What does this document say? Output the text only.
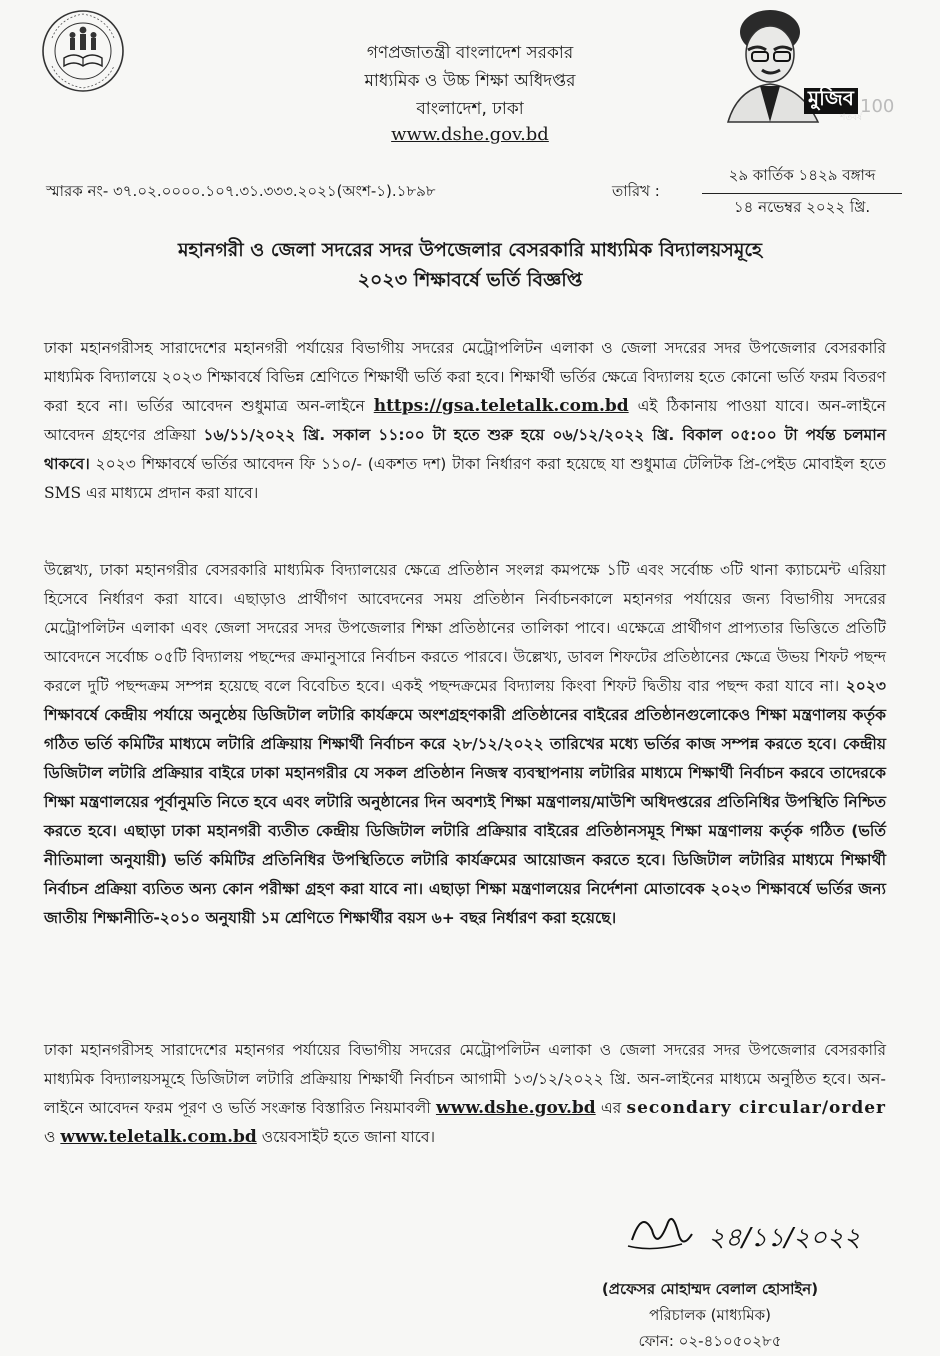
গণপ্রজাতন্ত্রী বাংলাদেশ সরকার
মাধ্যমিক ও উচ্চ শিক্ষা অধিদপ্তর
বাংলাদেশ, ঢাকা
www.dshe.gov.bd
100
মুজিব
শতবর্ষ
স্মারক নং- ৩৭.০২.০০০০.১০৭.৩১.৩৩৩.২০২১(অংশ-১).১৮৯৮	তারিখ :
২৯ কার্তিক ১৪২৯ বঙ্গাব্দ
১৪ নভেম্বর ২০২২ খ্রি.
মহানগরী ও জেলা সদরের সদর উপজেলার বেসরকারি মাধ্যমিক বিদ্যালয়সমূহে
২০২৩ শিক্ষাবর্ষে ভর্তি বিজ্ঞপ্তি
ঢাকা মহানগরীসহ সারাদেশের মহানগরী পর্যায়ের বিভাগীয় সদরের মেট্রোপলিটন এলাকা ও জেলা সদরের সদর উপজেলার বেসরকারি মাধ্যমিক বিদ্যালয়ে ২০২৩ শিক্ষাবর্ষে বিভিন্ন শ্রেণিতে শিক্ষার্থী ভর্তি করা হবে। শিক্ষার্থী ভর্তির ক্ষেত্রে বিদ্যালয় হতে কোনো ভর্তি ফরম বিতরণ করা হবে না। ভর্তির আবেদন শুধুমাত্র অন-লাইনে https://gsa.teletalk.com.bd এই ঠিকানায় পাওয়া যাবে। অন-লাইনে আবেদন গ্রহণের প্রক্রিয়া ১৬/১১/২০২২ খ্রি. সকাল ১১:০০ টা হতে শুরু হয়ে ০৬/১২/২০২২ খ্রি. বিকাল ০৫:০০ টা পর্যন্ত চলমান থাকবে। ২০২৩ শিক্ষাবর্ষে ভর্তির আবেদন ফি ১১০/- (একশত দশ) টাকা নির্ধারণ করা হয়েছে যা শুধুমাত্র টেলিটক প্রি-পেইড মোবাইল হতে SMS এর মাধ্যমে প্রদান করা যাবে।
উল্লেখ্য, ঢাকা মহানগরীর বেসরকারি মাধ্যমিক বিদ্যালয়ের ক্ষেত্রে প্রতিষ্ঠান সংলগ্ন কমপক্ষে ১টি এবং সর্বোচ্চ ৩টি থানা ক্যাচমেন্ট এরিয়া হিসেবে নির্ধারণ করা যাবে। এছাড়াও প্রার্থীগণ আবেদনের সময় প্রতিষ্ঠান নির্বাচনকালে মহানগর পর্যায়ের জন্য বিভাগীয় সদরের মেট্রোপলিটন এলাকা এবং জেলা সদরের সদর উপজেলার শিক্ষা প্রতিষ্ঠানের তালিকা পাবে। এক্ষেত্রে প্রার্থীগণ প্রাপ্যতার ভিত্তিতে প্রতিটি আবেদনে সর্বোচ্চ ০৫টি বিদ্যালয় পছন্দের ক্রমানুসারে নির্বাচন করতে পারবে। উল্লেখ্য, ডাবল শিফটের প্রতিষ্ঠানের ক্ষেত্রে উভয় শিফট পছন্দ করলে দুটি পছন্দক্রম সম্পন্ন হয়েছে বলে বিবেচিত হবে। একই পছন্দক্রমের বিদ্যালয় কিংবা শিফট দ্বিতীয় বার পছন্দ করা যাবে না। ২০২৩ শিক্ষাবর্ষে কেন্দ্রীয় পর্যায়ে অনুষ্ঠেয় ডিজিটাল লটারি কার্যক্রমে অংশগ্রহণকারী প্রতিষ্ঠানের বাইরের প্রতিষ্ঠানগুলোকেও শিক্ষা মন্ত্রণালয় কর্তৃক গঠিত ভর্তি কমিটির মাধ্যমে লটারি প্রক্রিয়ায় শিক্ষার্থী নির্বাচন করে ২৮/১২/২০২২ তারিখের মধ্যে ভর্তির কাজ সম্পন্ন করতে হবে। কেন্দ্রীয় ডিজিটাল লটারি প্রক্রিয়ার বাইরে ঢাকা মহানগরীর যে সকল প্রতিষ্ঠান নিজস্ব ব্যবস্থাপনায় লটারির মাধ্যমে শিক্ষার্থী নির্বাচন করবে তাদেরকে শিক্ষা মন্ত্রণালয়ের পূর্বানুমতি নিতে হবে এবং লটারি অনুষ্ঠানের দিন অবশ্যই শিক্ষা মন্ত্রণালয়/মাউশি অধিদপ্তরের প্রতিনিধির উপস্থিতি নিশ্চিত করতে হবে। এছাড়া ঢাকা মহানগরী ব্যতীত কেন্দ্রীয় ডিজিটাল লটারি প্রক্রিয়ার বাইরের প্রতিষ্ঠানসমূহ শিক্ষা মন্ত্রণালয় কর্তৃক গঠিত (ভর্তি নীতিমালা অনুযায়ী) ভর্তি কমিটির প্রতিনিধির উপস্থিতিতে লটারি কার্যক্রমের আয়োজন করতে হবে। ডিজিটাল লটারির মাধ্যমে শিক্ষার্থী নির্বাচন প্রক্রিয়া ব্যতিত অন্য কোন পরীক্ষা গ্রহণ করা যাবে না। এছাড়া শিক্ষা মন্ত্রণালয়ের নির্দেশনা মোতাবেক ২০২৩ শিক্ষাবর্ষে ভর্তির জন্য জাতীয় শিক্ষানীতি-২০১০ অনুযায়ী ১ম শ্রেণিতে শিক্ষার্থীর বয়স ৬+ বছর নির্ধারণ করা হয়েছে।
ঢাকা মহানগরীসহ সারাদেশের মহানগর পর্যায়ের বিভাগীয় সদরের মেট্রোপলিটন এলাকা ও জেলা সদরের সদর উপজেলার বেসরকারি মাধ্যমিক বিদ্যালয়সমূহে ডিজিটাল লটারি প্রক্রিয়ায় শিক্ষার্থী নির্বাচন আগামী ১৩/১২/২০২২ খ্রি. অন-লাইনের মাধ্যমে অনুষ্ঠিত হবে। অন-লাইনে আবেদন ফরম পূরণ ও ভর্তি সংক্রান্ত বিস্তারিত নিয়মাবলী www.dshe.gov.bd এর secondary circular/order ও www.teletalk.com.bd ওয়েবসাইট হতে জানা যাবে।
২৪/১১/২০২২
(প্রফেসর মোহাম্মদ বেলাল হোসাইন)
পরিচালক (মাধ্যমিক)
ফোন: ০২-৪১০৫০২৮৫
